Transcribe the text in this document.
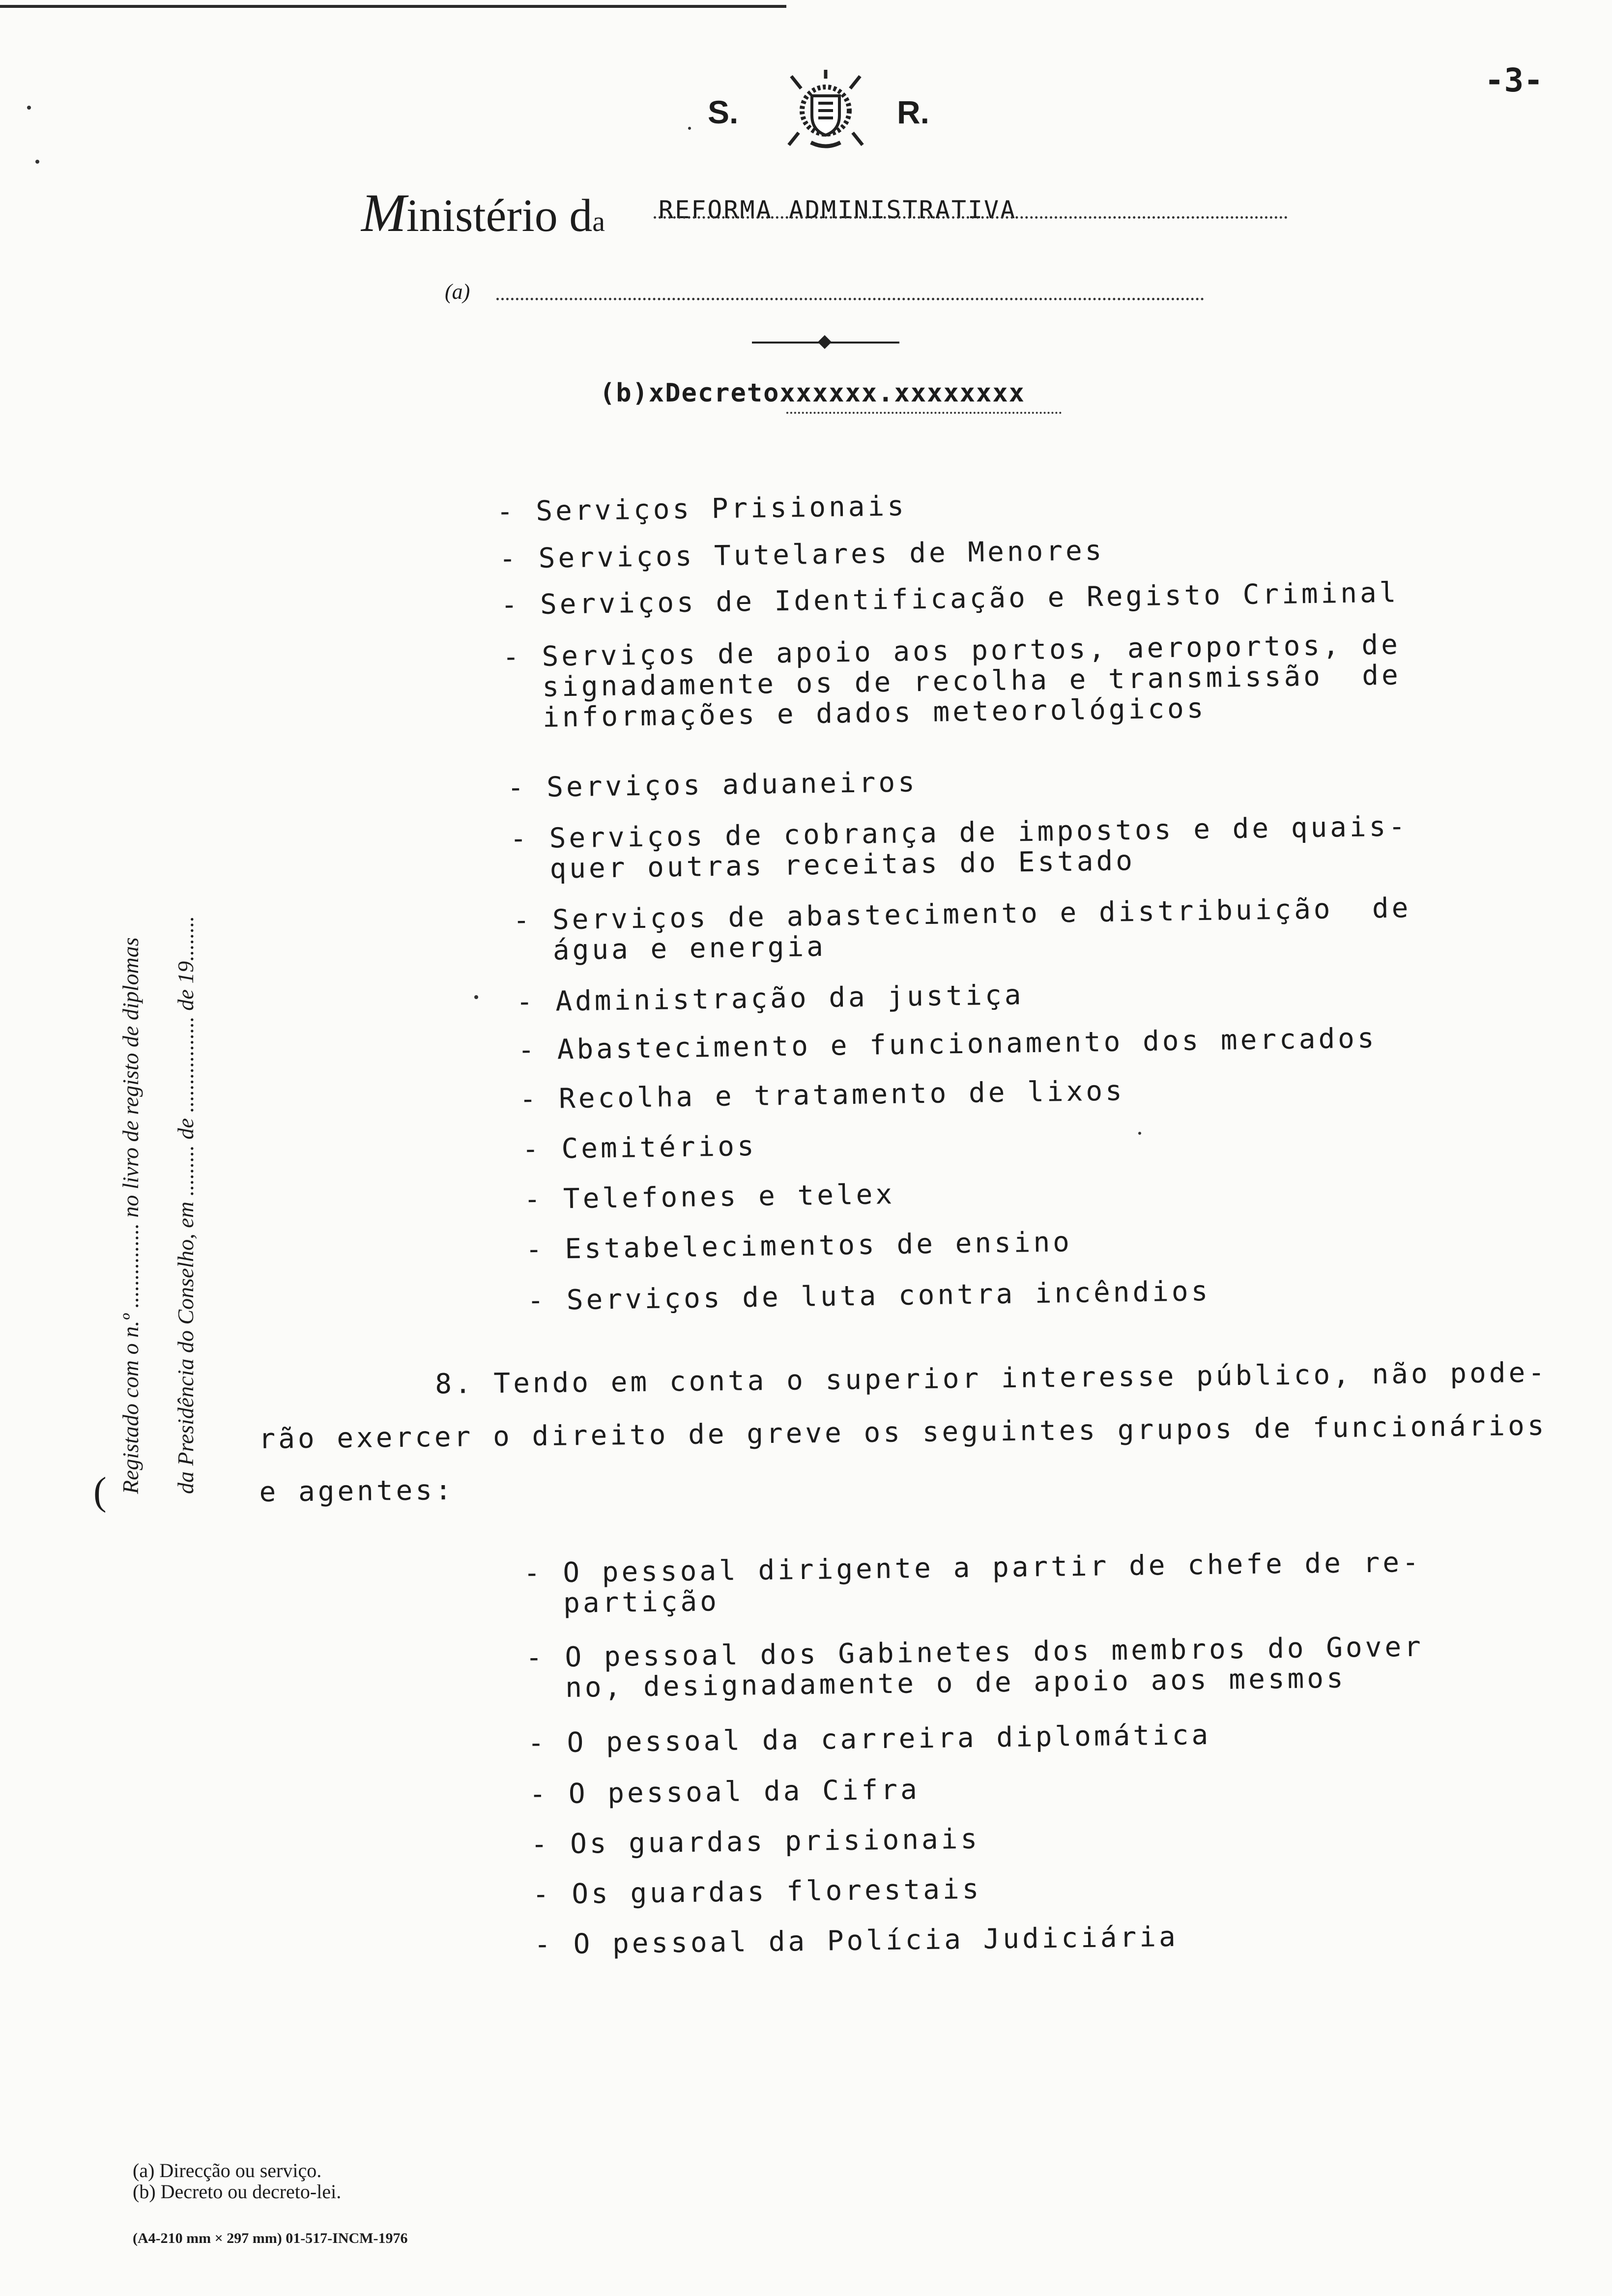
-3-
S.	R.
Ministério da REFORMA ADMINISTRATIVA
(a)
(b)xDecretoxxxxxx.xxxxxxxx

- Serviços Prisionais

- Serviços Tutelares de Menores

- Serviços de Identificação e Registo Criminal

- Serviços de apoio aos portos, aeroportos, de
signadamente os de recolha e transmissão  de
informações e dados meteorológicos

- Serviços aduaneiros

- Serviços de cobrança de impostos e de quais-
quer outras receitas do Estado

- Serviços de abastecimento e distribuição  de
água e energia

- Administração da justiça

- Abastecimento e funcionamento dos mercados

- Recolha e tratamento de lixos

- Cemitérios

- Telefones e telex

- Estabelecimentos de ensino

- Serviços de luta contra incêndios

8. Tendo em conta o superior interesse público, não pode-

rão exercer o direito de greve os seguintes grupos de funcionários

e agentes:

- O pessoal dirigente a partir de chefe de re-
partição

- O pessoal dos Gabinetes dos membros do Gover
no, designadamente o de apoio aos mesmos

- O pessoal da carreira diplomática

- O pessoal da Cifra

- Os guardas prisionais

- Os guardas florestais

- O pessoal da Polícia Judiciária

Registado com o n.º ............... no livro de registo de diplomas	da Presidência do Conselho, em ......... de ................. de 19........
(
(a) Direcção ou serviço.
(b) Decreto ou decreto-lei.
(A4-210 mm × 297 mm) 01-517-INCM-1976
